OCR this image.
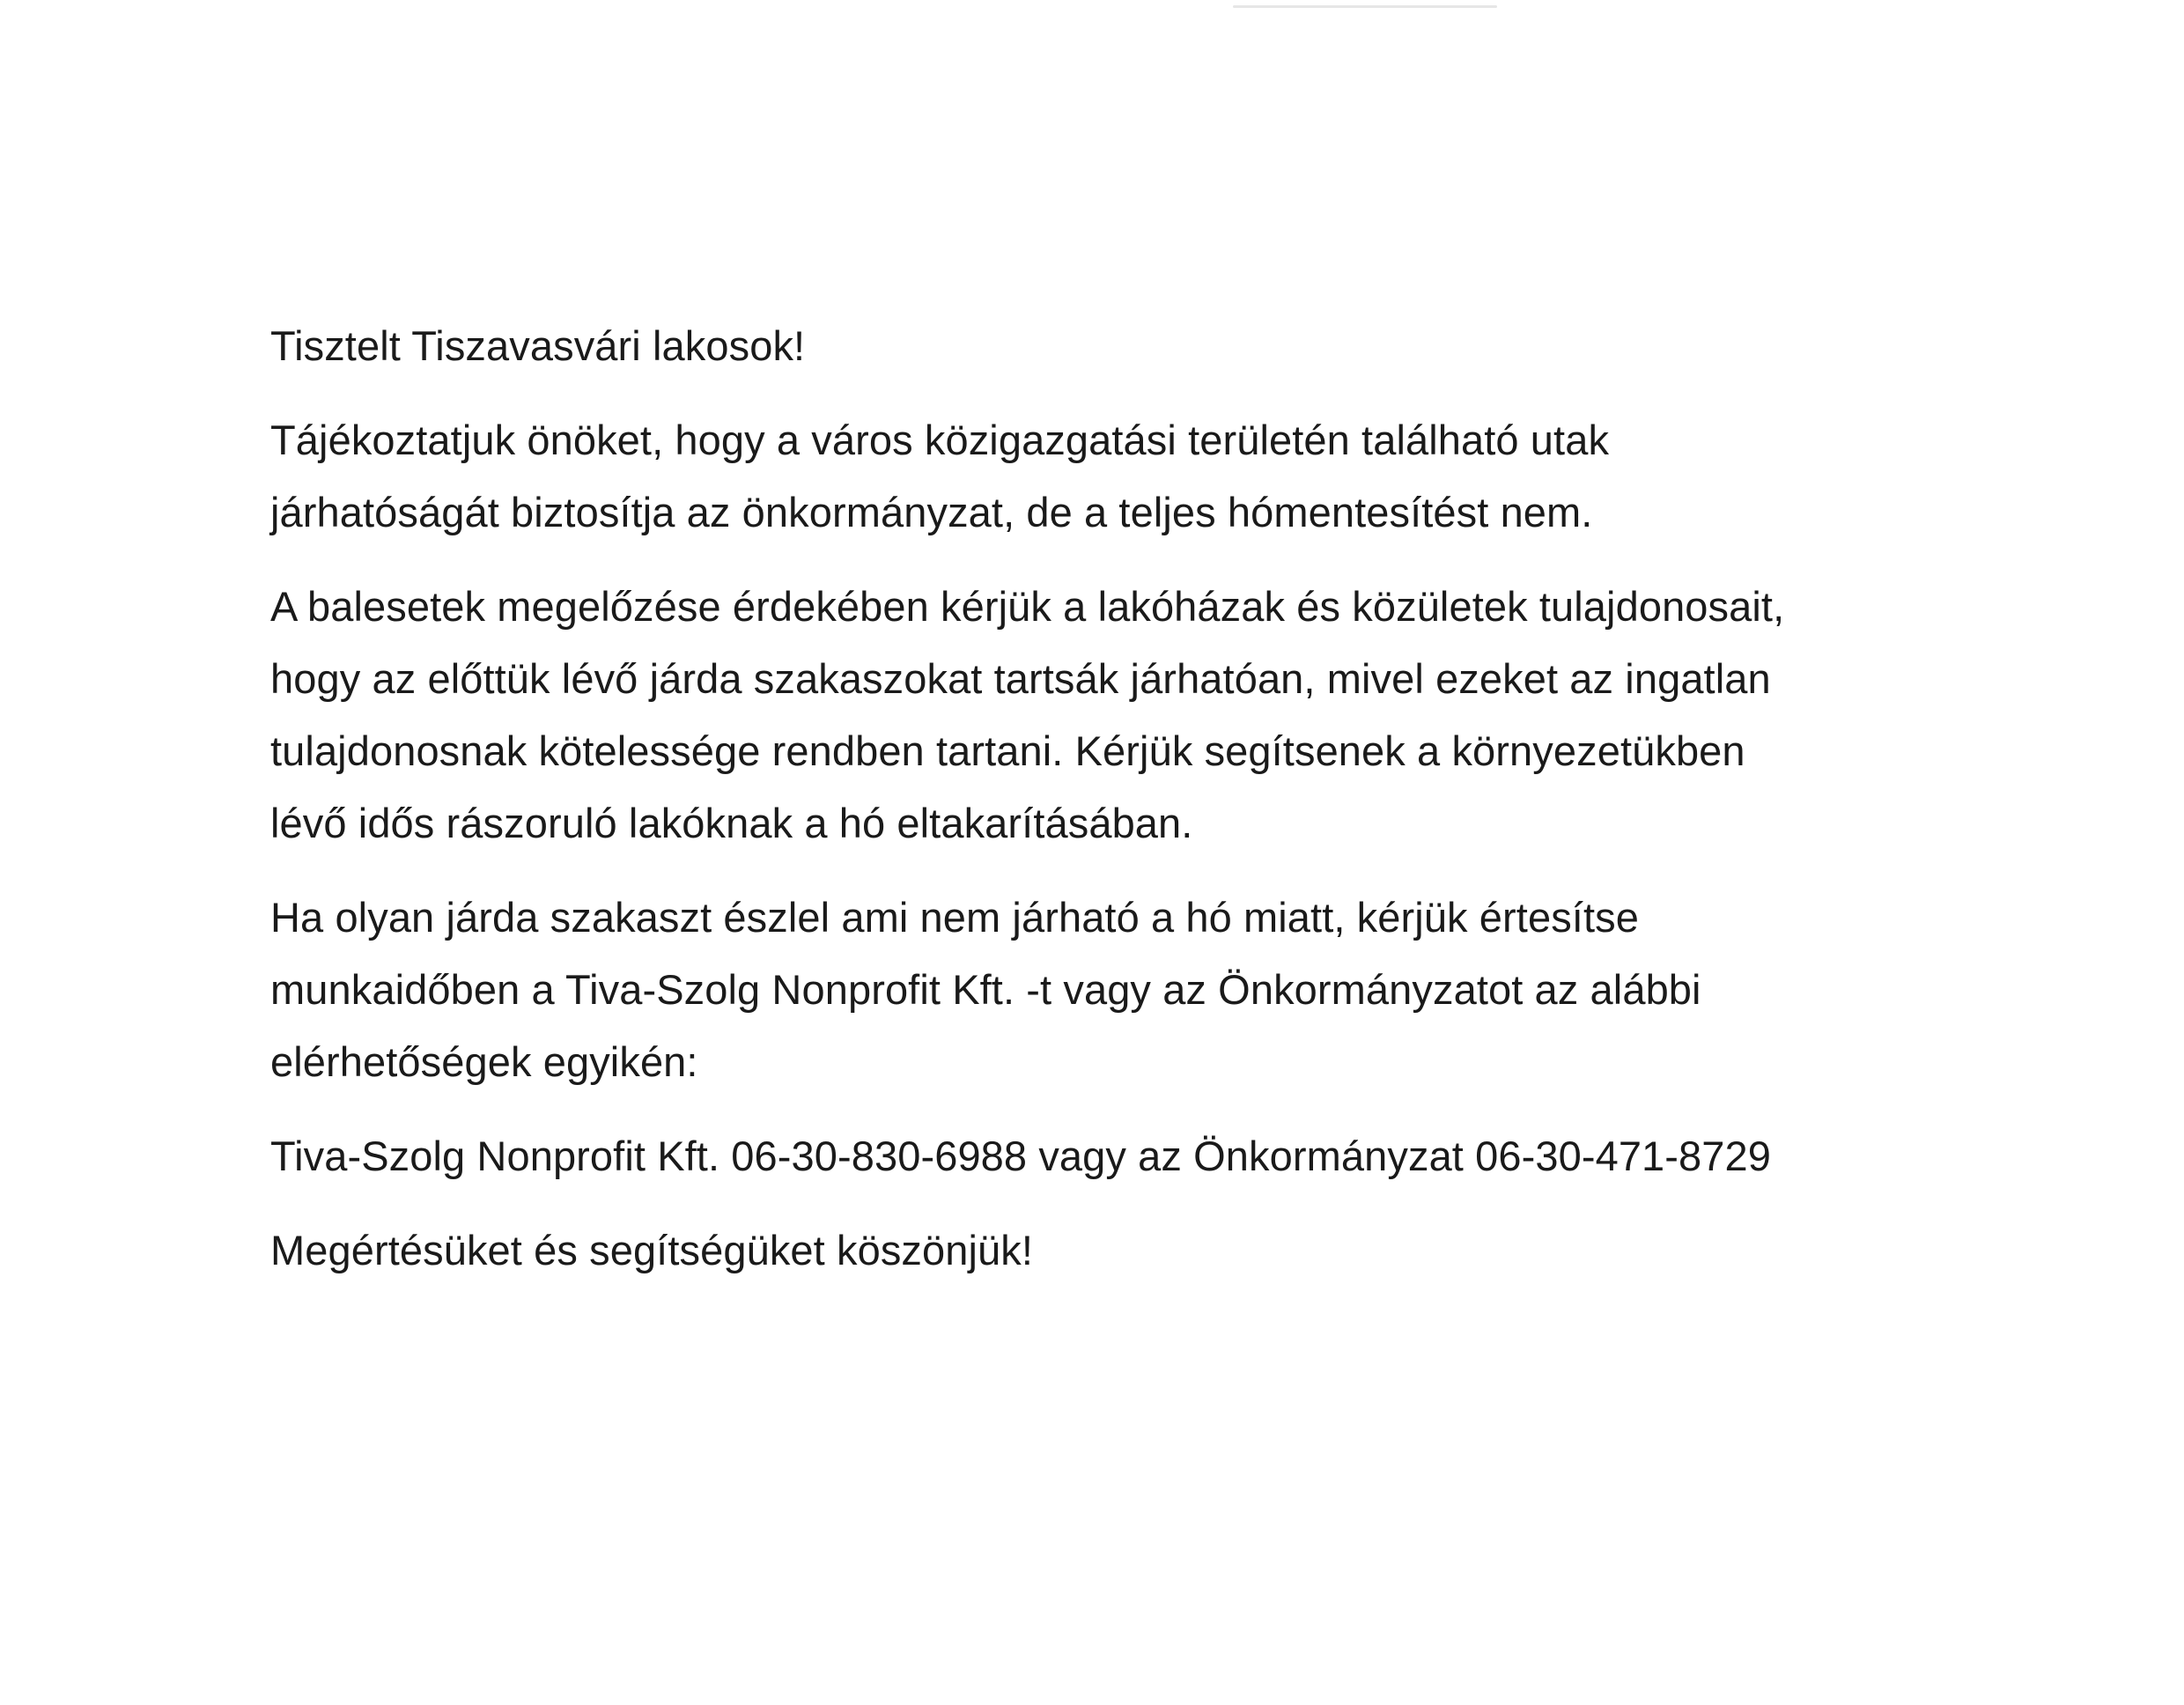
Tisztelt Tiszavasvári lakosok!

Tájékoztatjuk önöket, hogy a város közigazgatási területén található utak
járhatóságát biztosítja az önkormányzat, de a teljes hómentesítést nem.

A balesetek megelőzése érdekében kérjük a lakóházak és közületek tulajdonosait,
hogy az előttük lévő járda szakaszokat tartsák járhatóan, mivel ezeket az ingatlan
tulajdonosnak kötelessége rendben tartani. Kérjük segítsenek a környezetükben
lévő idős rászoruló lakóknak a hó eltakarításában.

Ha olyan járda szakaszt észlel ami nem járható a hó miatt, kérjük értesítse
munkaidőben a Tiva-Szolg Nonprofit Kft. -t vagy az Önkormányzatot az alábbi
elérhetőségek egyikén:

Tiva-Szolg Nonprofit Kft. 06-30-830-6988 vagy az Önkormányzat 06-30-471-8729

Megértésüket és segítségüket köszönjük!
